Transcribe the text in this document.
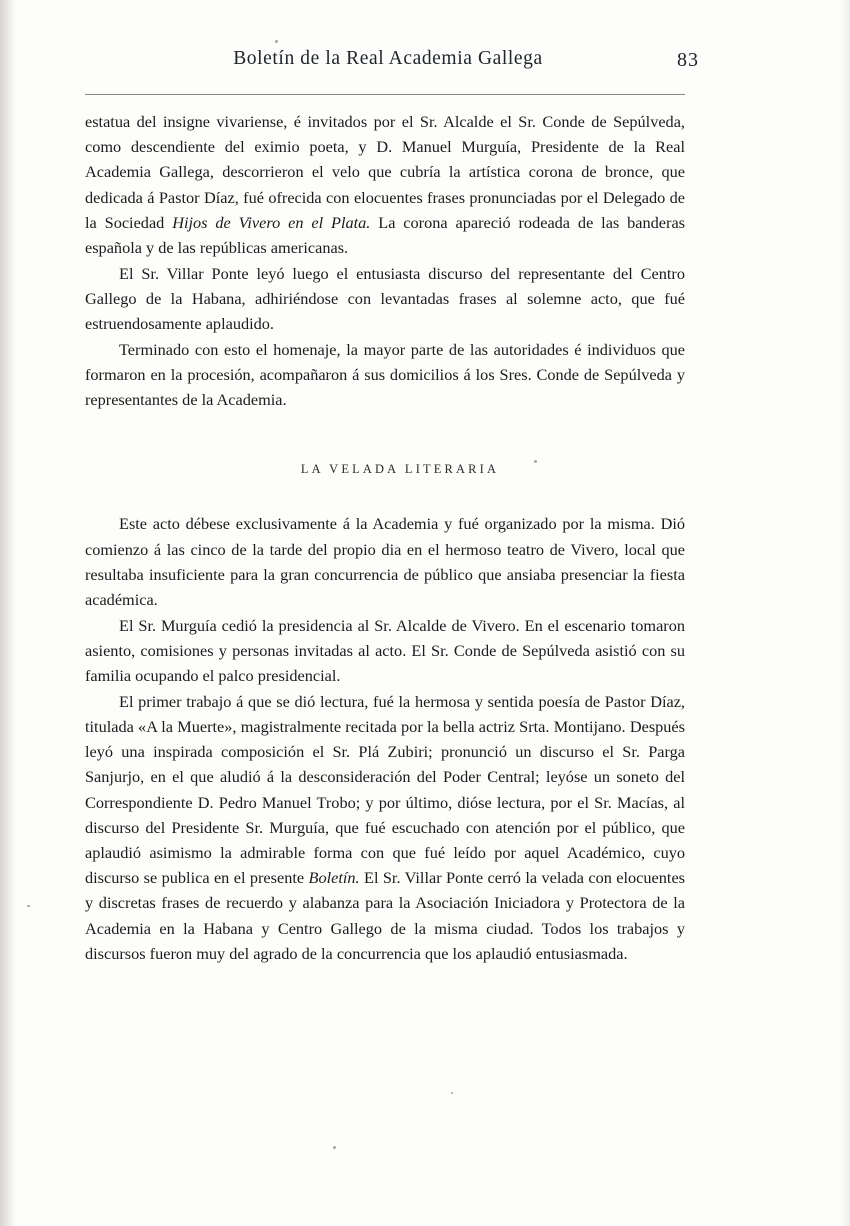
Boletín de la Real Academia Gallega	83

estatua del insigne vivariense, é invitados por el Sr. Alcalde el Sr. Conde de Sepúlveda, como descendiente del eximio poeta, y D. Manuel Murguía, Presidente de la Real Academia Gallega, descorrieron el velo que cubría la artística corona de bronce, que dedicada á Pastor Díaz, fué ofrecida con elocuentes frases pronunciadas por el Delegado de la Sociedad Hijos de Vivero en el Plata. La corona apareció rodeada de las banderas española y de las repúblicas americanas.

El Sr. Villar Ponte leyó luego el entusiasta discurso del representante del Centro Gallego de la Habana, adhiriéndose con levantadas frases al solemne acto, que fué estruendosamente aplaudido.

Terminado con esto el homenaje, la mayor parte de las autoridades é individuos que formaron en la procesión, acompañaron á sus domicilios á los Sres. Conde de Sepúlveda y representantes de la Academia.

LA VELADA LITERARIA

Este acto débese exclusivamente á la Academia y fué organizado por la misma. Dió comienzo á las cinco de la tarde del propio dia en el hermoso teatro de Vivero, local que resultaba insuficiente para la gran concurrencia de público que ansiaba presenciar la fiesta académica.

El Sr. Murguía cedió la presidencia al Sr. Alcalde de Vivero. En el escenario tomaron asiento, comisiones y personas invitadas al acto. El Sr. Conde de Sepúlveda asistió con su familia ocupando el palco presidencial.

El primer trabajo á que se dió lectura, fué la hermosa y sentida poesía de Pastor Díaz, titulada «A la Muerte», magistralmente recitada por la bella actriz Srta. Montijano. Después leyó una inspirada composición el Sr. Plá Zubiri; pronunció un discurso el Sr. Parga Sanjurjo, en el que aludió á la desconsideración del Poder Central; leyóse un soneto del Correspondiente D. Pedro Manuel Trobo; y por último, dióse lectura, por el Sr. Macías, al discurso del Presidente Sr. Murguía, que fué escuchado con atención por el público, que aplaudió asimismo la admirable forma con que fué leído por aquel Académico, cuyo discurso se publica en el presente Boletín. El Sr. Villar Ponte cerró la velada con elocuentes y discretas frases de recuerdo y alabanza para la Asociación Iniciadora y Protectora de la Academia en la Habana y Centro Gallego de la misma ciudad. Todos los trabajos y discursos fueron muy del agrado de la concurrencia que los aplaudió entusiasmada.
